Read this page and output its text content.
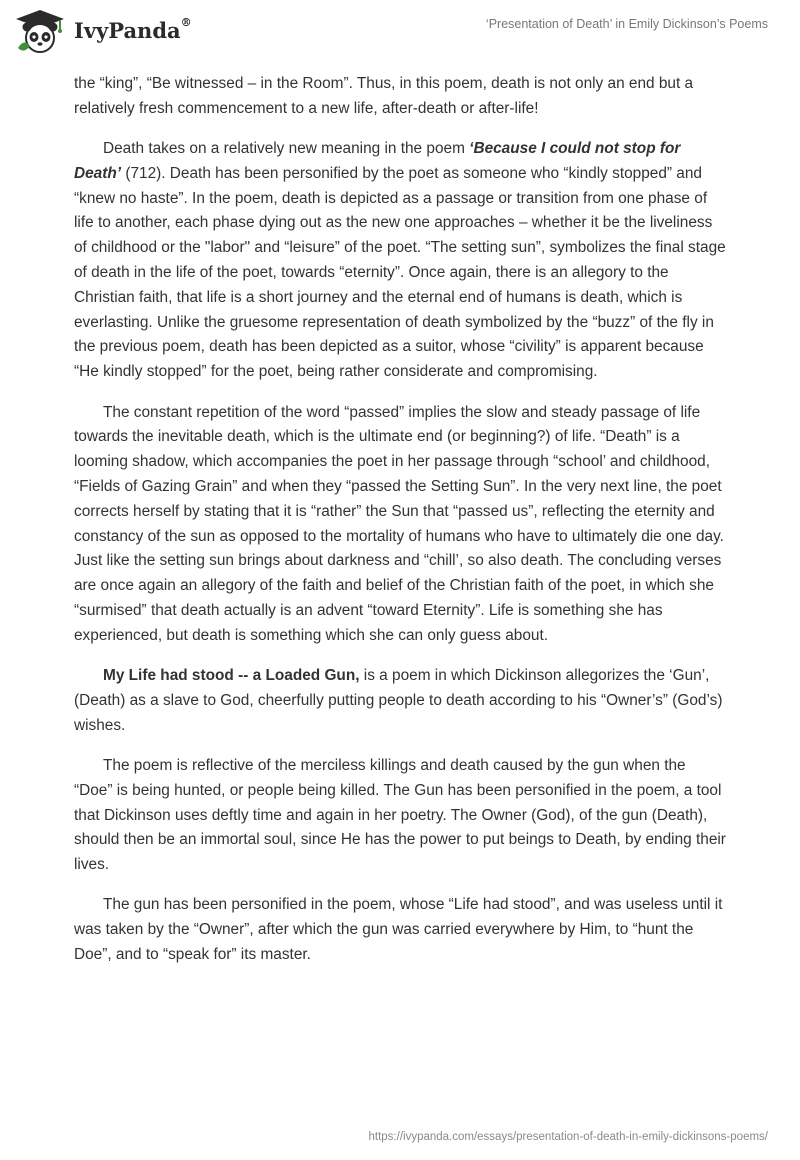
IvyPanda®	‘Presentation of Death’ in Emily Dickinson’s Poems

the “king”, “Be witnessed – in the Room”. Thus, in this poem, death is not only an end but a relatively fresh commencement to a new life, after-death or after-life!

Death takes on a relatively new meaning in the poem ‘Because I could not stop for Death’ (712). Death has been personified by the poet as someone who “kindly stopped” and “knew no haste”. In the poem, death is depicted as a passage or transition from one phase of life to another, each phase dying out as the new one approaches – whether it be the liveliness of childhood or the "labor" and “leisure” of the poet. “The setting sun”, symbolizes the final stage of death in the life of the poet, towards “eternity”. Once again, there is an allegory to the Christian faith, that life is a short journey and the eternal end of humans is death, which is everlasting. Unlike the gruesome representation of death symbolized by the “buzz” of the fly in the previous poem, death has been depicted as a suitor, whose “civility” is apparent because “He kindly stopped” for the poet, being rather considerate and compromising.

The constant repetition of the word “passed” implies the slow and steady passage of life towards the inevitable death, which is the ultimate end (or beginning?) of life. “Death” is a looming shadow, which accompanies the poet in her passage through “school’ and childhood, “Fields of Gazing Grain” and when they “passed the Setting Sun”. In the very next line, the poet corrects herself by stating that it is “rather” the Sun that “passed us”, reflecting the eternity and constancy of the sun as opposed to the mortality of humans who have to ultimately die one day. Just like the setting sun brings about darkness and “chill’, so also death. The concluding verses are once again an allegory of the faith and belief of the Christian faith of the poet, in which she “surmised” that death actually is an advent “toward Eternity”. Life is something she has experienced, but death is something which she can only guess about.

My Life had stood -- a Loaded Gun, is a poem in which Dickinson allegorizes the ‘Gun’, (Death) as a slave to God, cheerfully putting people to death according to his “Owner’s” (God’s) wishes.

The poem is reflective of the merciless killings and death caused by the gun when the “Doe” is being hunted, or people being killed. The Gun has been personified in the poem, a tool that Dickinson uses deftly time and again in her poetry. The Owner (God), of the gun (Death), should then be an immortal soul, since He has the power to put beings to Death, by ending their lives.

The gun has been personified in the poem, whose “Life had stood”, and was useless until it was taken by the “Owner”, after which the gun was carried everywhere by Him, to “hunt the Doe”, and to “speak for” its master.

https://ivypanda.com/essays/presentation-of-death-in-emily-dickinsons-poems/
